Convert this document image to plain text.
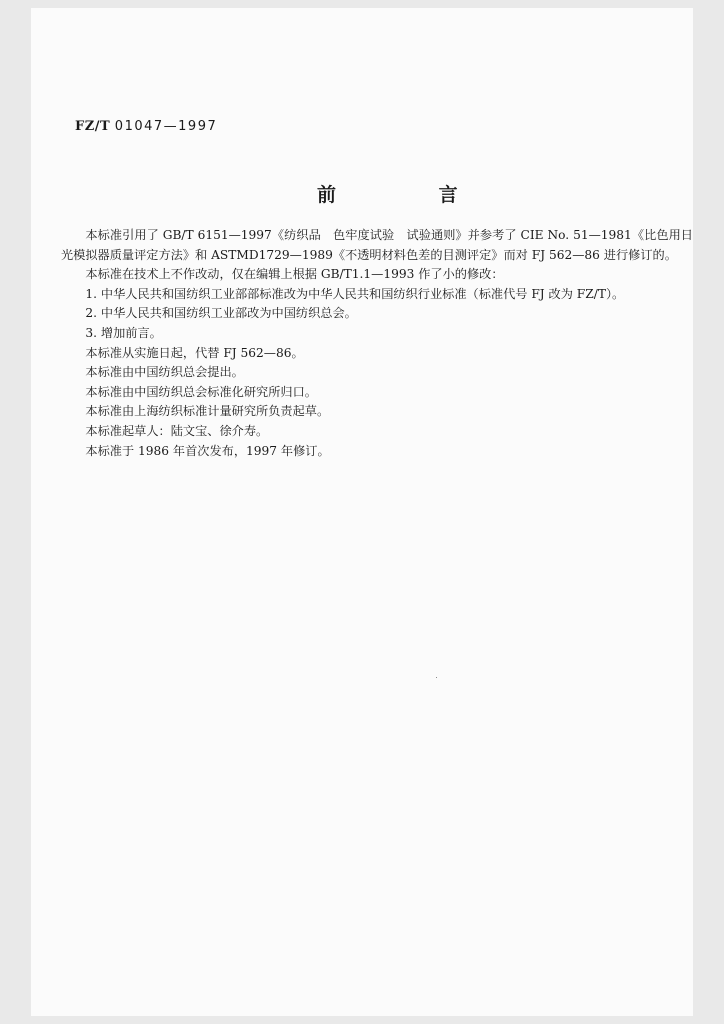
FZ/T 01047—1997
前 言

本标准引用了 GB/T 6151—1997《纺织品　色牢度试验　试验通则》并参考了 CIE No. 51—1981《比色用日光模拟器质量评定方法》和 ASTMD1729—1989《不透明材料色差的目测评定》而对 FJ 562—86 进行修订的。

本标准在技术上不作改动，仅在编辑上根据 GB/T1.1—1993 作了小的修改：

1. 中华人民共和国纺织工业部部标准改为中华人民共和国纺织行业标准（标准代号 FJ 改为 FZ/T）。

2. 中华人民共和国纺织工业部改为中国纺织总会。

3. 增加前言。

本标准从实施日起，代替 FJ 562—86。

本标准由中国纺织总会提出。

本标准由中国纺织总会标准化研究所归口。

本标准由上海纺织标准计量研究所负责起草。

本标准起草人：陆文宝、徐介寿。

本标准于 1986 年首次发布，1997 年修订。
